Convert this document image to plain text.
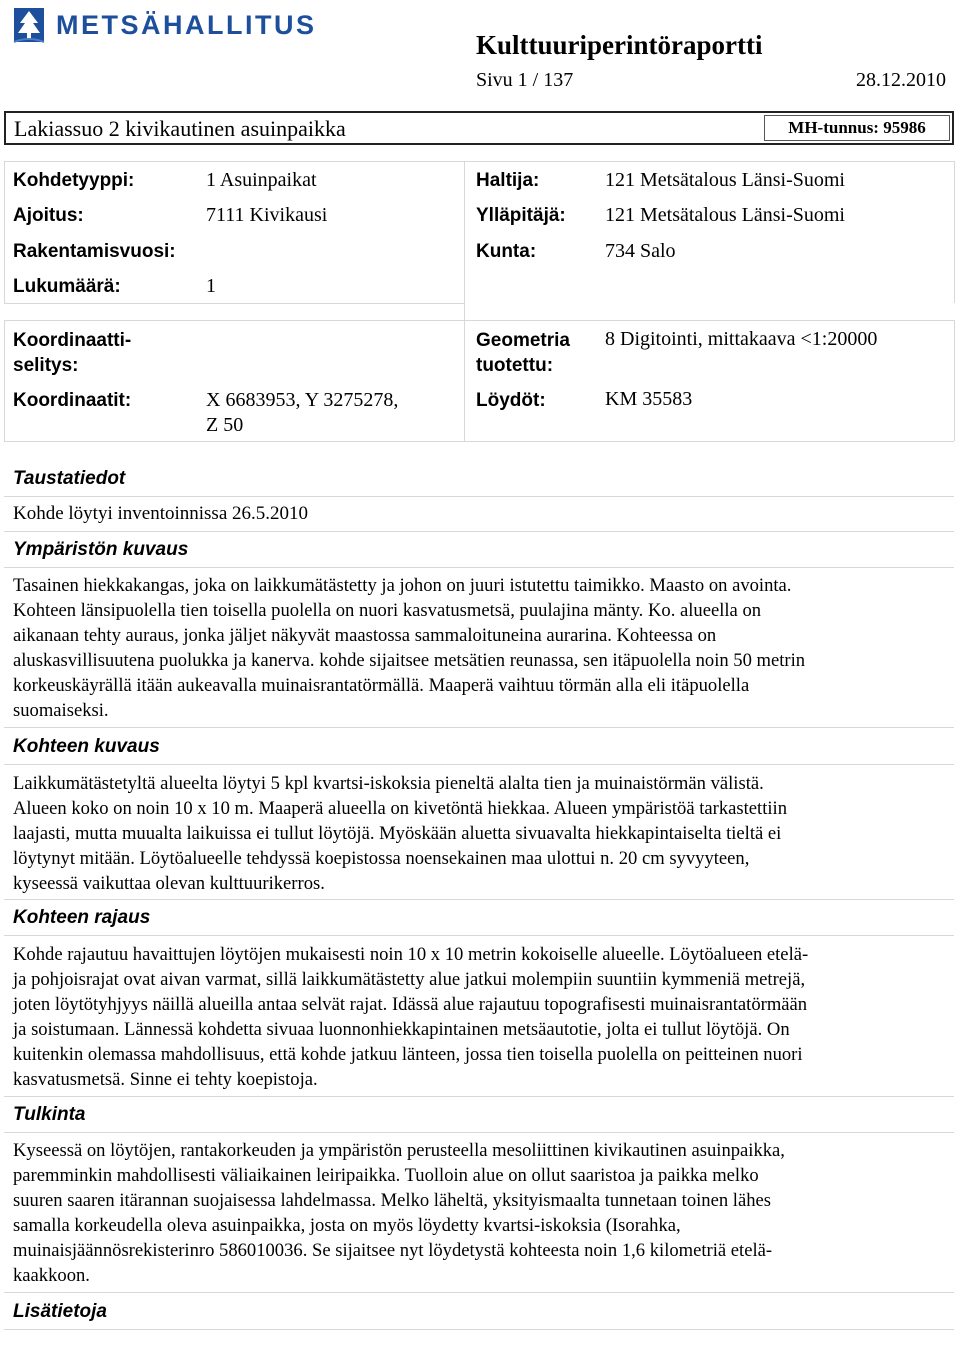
METSÄHALLITUS
Kulttuuriperintöraportti
Sivu 1 / 137	28.12.2010
Lakiassuo 2 kivikautinen asuinpaikka	MH-tunnus: 95986
Kohdetyyppi:	1 Asuinpaikat
Ajoitus:	7111 Kivikausi
Rakentamisvuosi:
Lukumäärä:	1
Haltija:	121 Metsätalous Länsi-Suomi
Ylläpitäjä: 121 Metsätalous Länsi-Suomi
Kunta:	734 Salo
Koordinaatti-
selitys:
Koordinaatit:	X 6683953, Y 3275278,
Z 50
Geometria
tuotettu:
8 Digitointi, mittakaava <1:20000
Löydöt:	KM 35583
Taustatiedot
Kohde löytyi inventoinnissa 26.5.2010
Ympäristön kuvaus
Tasainen hiekkakangas, joka on laikkumätästetty ja johon on juuri istutettu taimikko. Maasto on avointa.
Kohteen länsipuolella tien toisella puolella on nuori kasvatusmetsä, puulajina mänty. Ko. alueella on
aikanaan tehty auraus, jonka jäljet näkyvät maastossa sammaloituneina aurarina. Kohteessa on
aluskasvillisuutena puolukka ja kanerva. kohde sijaitsee metsätien reunassa, sen itäpuolella noin 50 metrin
korkeuskäyrällä itään aukeavalla muinaisrantatörmällä. Maaperä vaihtuu törmän alla eli itäpuolella
suomaiseksi.
Kohteen kuvaus
Laikkumätästetyltä alueelta löytyi 5 kpl kvartsi-iskoksia pieneltä alalta tien ja muinaistörmän välistä.
Alueen koko on noin 10 x 10 m. Maaperä alueella on kivetöntä hiekkaa. Alueen ympäristöä tarkastettiin
laajasti, mutta muualta laikuissa ei tullut löytöjä. Myöskään aluetta sivuavalta hiekkapintaiselta tieltä ei
löytynyt mitään. Löytöalueelle tehdyssä koepistossa noensekainen maa ulottui n. 20 cm syvyyteen,
kyseessä vaikuttaa olevan kulttuurikerros.
Kohteen rajaus
Kohde rajautuu havaittujen löytöjen mukaisesti noin 10 x 10 metrin kokoiselle alueelle. Löytöalueen etelä-
ja pohjoisrajat ovat aivan varmat, sillä laikkumätästetty alue jatkui molempiin suuntiin kymmeniä metrejä,
joten löytötyhjyys näillä alueilla antaa selvät rajat. Idässä alue rajautuu topografisesti muinaisrantatörmään
ja soistumaan. Lännessä kohdetta sivuaa luonnonhiekkapintainen metsäautotie, jolta ei tullut löytöjä. On
kuitenkin olemassa mahdollisuus, että kohde jatkuu länteen, jossa tien toisella puolella on peitteinen nuori
kasvatusmetsä. Sinne ei tehty koepistoja.
Tulkinta
Kyseessä on löytöjen, rantakorkeuden ja ympäristön perusteella mesoliittinen kivikautinen asuinpaikka,
paremminkin mahdollisesti väliaikainen leiripaikka. Tuolloin alue on ollut saaristoa ja paikka melko
suuren saaren itärannan suojaisessa lahdelmassa. Melko läheltä, yksityismaalta tunnetaan toinen lähes
samalla korkeudella oleva asuinpaikka, josta on myös löydetty kvartsi-iskoksia (Isorahka,
muinaisjäännösrekisterinro 586010036. Se sijaitsee nyt löydetystä kohteesta noin 1,6 kilometriä etelä-
kaakkoon.
Lisätietoja
